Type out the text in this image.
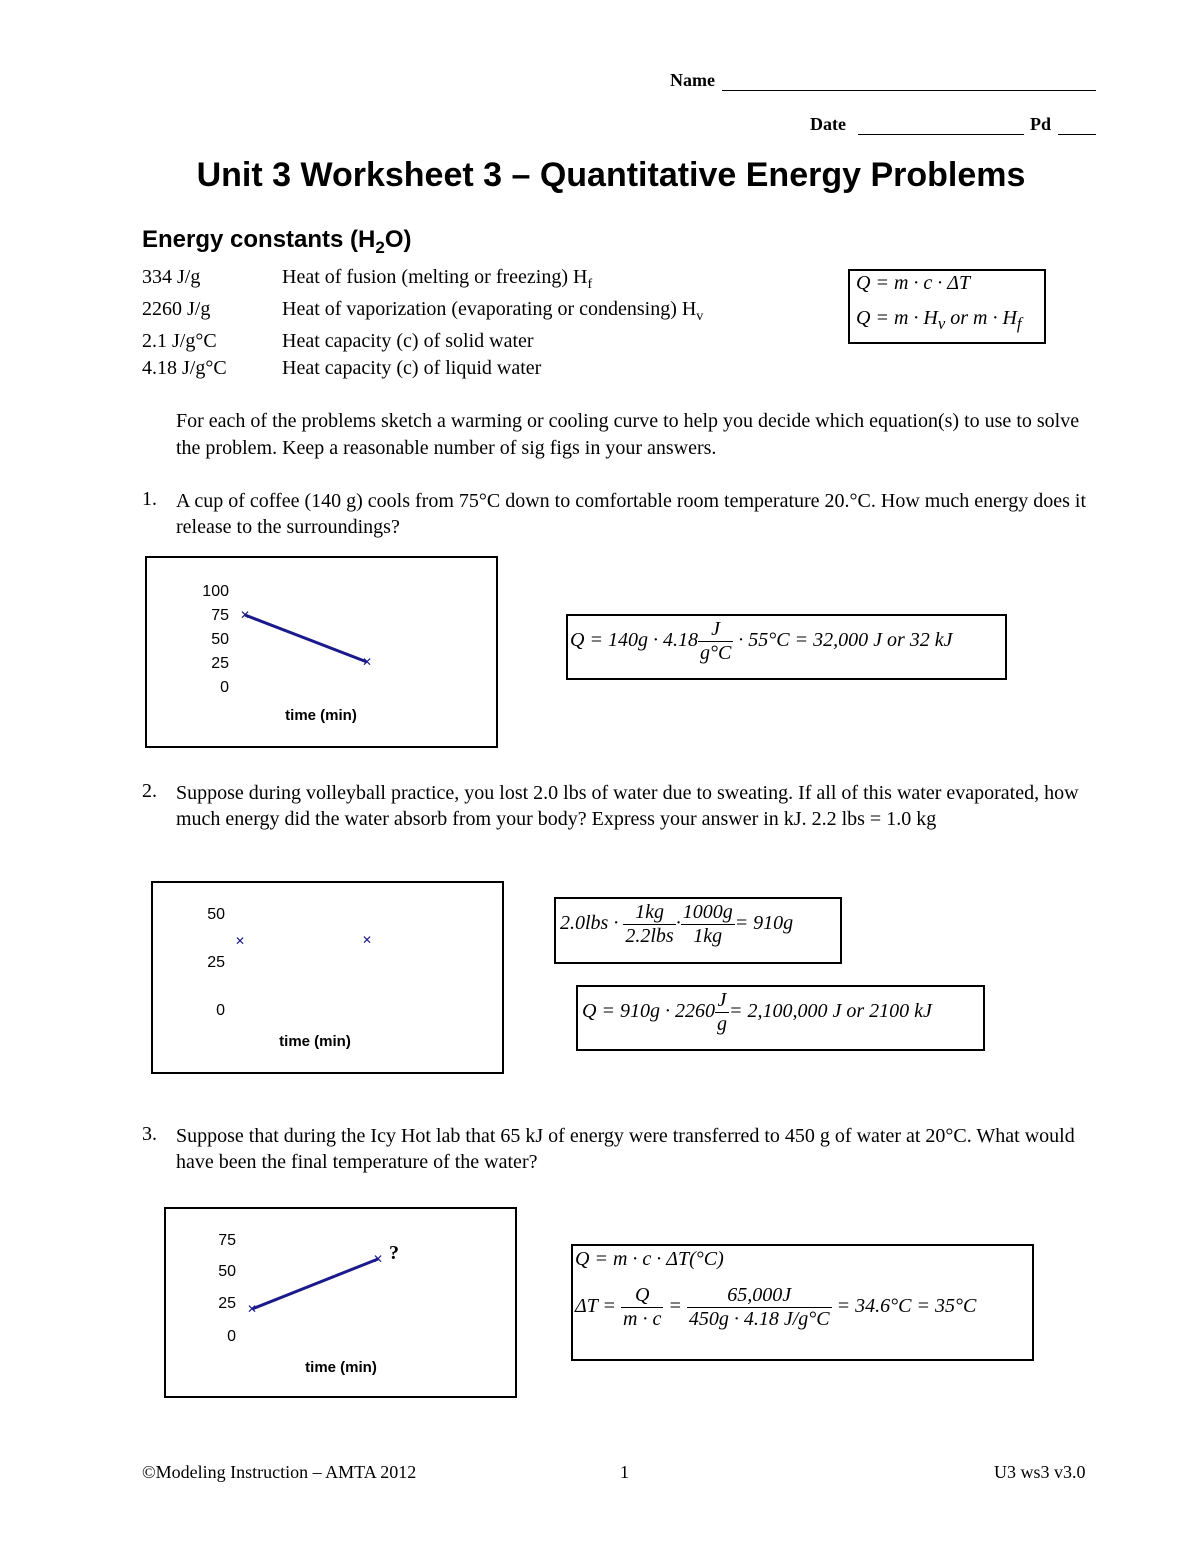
Name
Date	Pd
Unit 3 Worksheet 3 – Quantitative Energy Problems
Energy constants $(H_2O)$
334 J/g	Heat of fusion (melting or freezing) $H_f$
2260 J/g	Heat of vaporization (evaporating or condensing) $H_v$
2.1 J/g°C	Heat capacity (c) of solid water
4.18 J/g°C	Heat capacity (c) of liquid water
Q = m · c · ΔT
$Q = m \cdot H_v$ or $m \cdot H_f$
For each of the problems sketch a warming or cooling curve to help you decide which equation(s) to use to solve the problem. Keep a reasonable number of sig figs in your answers.
1. A cup of coffee (140 g) cools from 75°C down to comfortable room temperature 20.°C. How much energy does it release to the surroundings?
100
75
50
25
0
✕
✕
time (min)
$Q = 140g \cdot 4.18 \frac{J}{g^\circ C} \cdot 55^\circ C = 32,000$ J or 32 kJ
2. Suppose during volleyball practice, you lost 2.0 lbs of water due to sweating. If all of this water evaporated, how much energy did the water absorb from your body? Express your answer in kJ. 2.2 lbs = 1.0 kg
50
25
0
✕	✕
time (min)
$2.0lbs \cdot \frac{1kg}{\text{2.2lbs}} \cdot \frac{1000g}{1kg} = 910g$
$Q = 910g \cdot 2260 \frac{J}{g} = 2,100,000$ J or 2100 kJ
3. Suppose that during the Icy Hot lab that 65 kJ of energy were transferred to 450 g of water at 20°C. What would have been the final temperature of the water?
75
50
25
0
✕
✕ ?
time (min)
Q = m · c · ΔT(°C)
$\Delta T = \frac{Q}{m \cdot c} = \frac{65,000J}{450g \cdot 4.18 J/g^\circ C} = 34.6^\circ C = 35^\circ C$
©Modeling Instruction – AMTA 2012	1	U3 ws3 v3.0
